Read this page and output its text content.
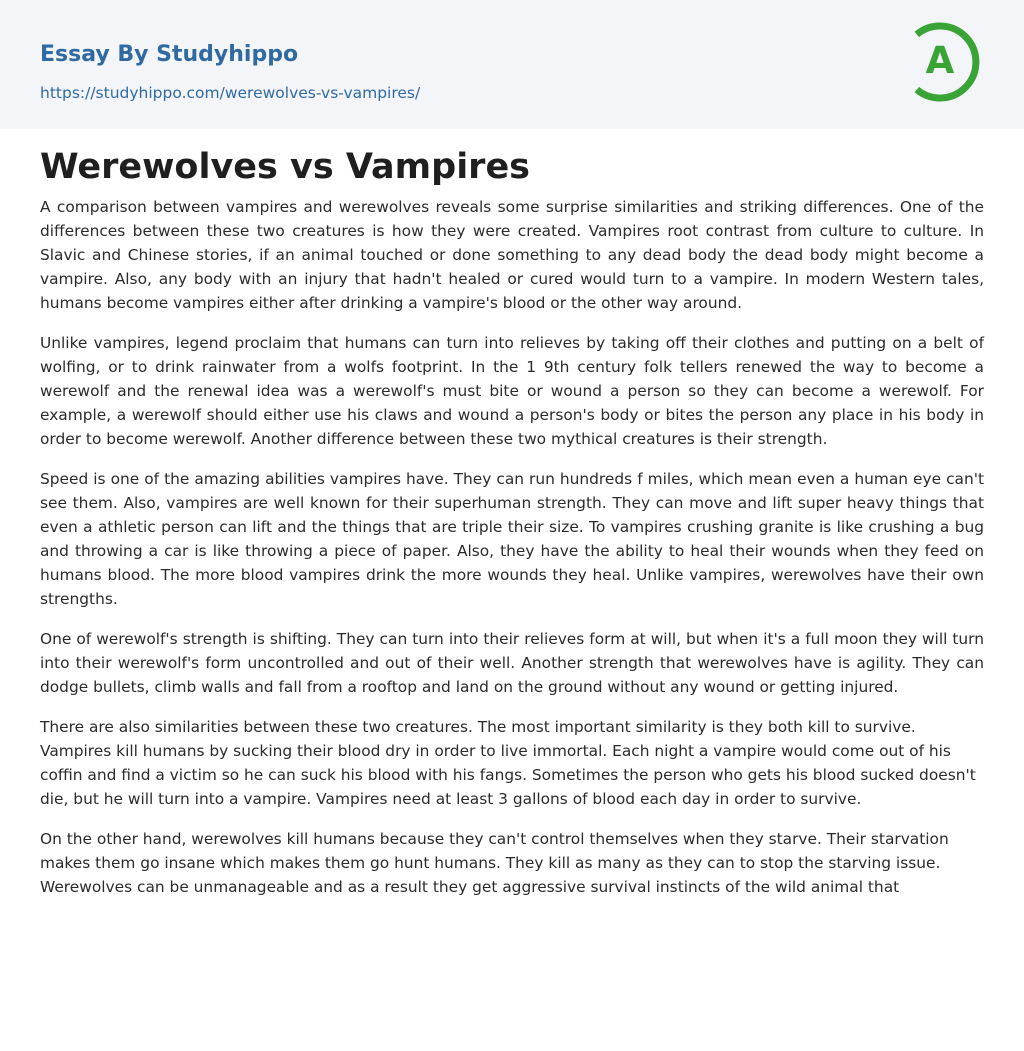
Essay By Studyhippo
https://studyhippo.com/werewolves-vs-vampires/
A
Werewolves vs Vampires

A comparison between vampires and werewolves reveals some surprise similarities and striking differences. One of the differences between these two creatures is how they were created. Vampires root contrast from culture to culture. In Slavic and Chinese stories, if an animal touched or done something to any dead body the dead body might become a vampire. Also, any body with an injury that hadn't healed or cured would turn to a vampire. In modern Western tales, humans become vampires either after drinking a vampire's blood or the other way around.

Unlike vampires, legend proclaim that humans can turn into relieves by taking off their clothes and putting on a belt of wolfing, or to drink rainwater from a wolfs footprint. In the 1 9th century folk tellers renewed the way to become a werewolf and the renewal idea was a werewolf's must bite or wound a person so they can become a werewolf. For example, a werewolf should either use his claws and wound a person's body or bites the person any place in his body in order to become werewolf. Another difference between these two mythical creatures is their strength.

Speed is one of the amazing abilities vampires have. They can run hundreds f miles, which mean even a human eye can't see them. Also, vampires are well known for their superhuman strength. They can move and lift super heavy things that even a athletic person can lift and the things that are triple their size. To vampires crushing granite is like crushing a bug and throwing a car is like throwing a piece of paper. Also, they have the ability to heal their wounds when they feed on humans blood. The more blood vampires drink the more wounds they heal. Unlike vampires, werewolves have their own strengths.

One of werewolf's strength is shifting. They can turn into their relieves form at will, but when it's a full moon they will turn into their werewolf's form uncontrolled and out of their well. Another strength that werewolves have is agility. They can dodge bullets, climb walls and fall from a rooftop and land on the ground without any wound or getting injured.

There are also similarities between these two creatures. The most important similarity is they both kill to survive. Vampires kill humans by sucking their blood dry in order to live immortal. Each night a vampire would come out of his coffin and find a victim so he can suck his blood with his fangs. Sometimes the person who gets his blood sucked doesn't die, but he will turn into a vampire. Vampires need at least 3 gallons of blood each day in order to survive.

On the other hand, werewolves kill humans because they can't control themselves when they starve. Their starvation makes them go insane which makes them go hunt humans. They kill as many as they can to stop the starving issue. Werewolves can be unmanageable and as a result they get aggressive survival instincts of the wild animal that
